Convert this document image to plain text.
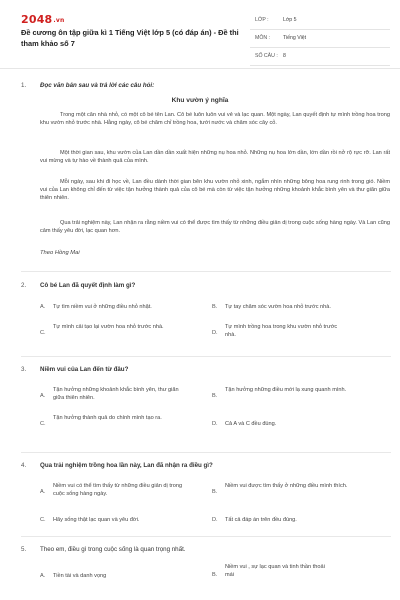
2048.vn
Đề cương ôn tập giữa kì 1 Tiếng Việt lớp 5 (có đáp án) - Đề thi tham khảo số 7
LỚP :	Lớp 5
MÔN :	Tiếng Việt
SỐ CÂU : 8
1. Đọc văn bản sau và trả lời các câu hỏi:
Khu vườn ý nghĩa
Trong một căn nhà nhỏ, có một cô bé tên Lan. Cô bé luôn luôn vui vẻ và lạc quan. Một ngày, Lan quyết định tự mình trồng hoa trong khu vườn nhỏ trước nhà. Hằng ngày, cô bé chăm chỉ trồng hoa, tưới nước và chăm sóc cây cỏ.
Một thời gian sau, khu vườn của Lan dần dần xuất hiện những nụ hoa nhỏ. Những nụ hoa lớn dần, lớn dần rồi nở rộ rực rỡ. Lan rất vui mừng và tự hào về thành quả của mình.
Mỗi ngày, sau khi đi học về, Lan đều dành thời gian bên khu vườn nhỏ xinh, ngắm nhìn những bông hoa rung rinh trong gió. Niềm vui của Lan không chỉ đến từ việc tận hưởng thành quả của cô bé mà còn từ việc tận hưởng những khoảnh khắc bình yên và thư giãn giữa thiên nhiên.
Qua trải nghiệm này, Lan nhận ra rằng niềm vui có thể được tìm thấy từ những điều giản dị trong cuộc sống hàng ngày. Và Lan cũng cảm thấy yêu đời, lạc quan hơn.
Theo Hồng Mai
2. Cô bé Lan đã quyết định làm gì?
A. Tự tìm niềm vui ở những điều nhỏ nhặt.	B. Tự tay chăm sóc vườn hoa nhỏ trước nhà.
C.
Tự mình cải tạo lại vườn hoa nhỏ trước nhà.
D.
Tự mình trồng hoa trong khu vườn nhỏ trước nhà.
3. Niềm vui của Lan đến từ đâu?
A.
Tận hưởng những khoảnh khắc bình yên, thư giãn giữa thiên nhiên.	B.
Tận hưởng những điều mới lạ xung quanh mình.
C.
Tận hưởng thành quả do chính mình tạo ra.
D. Cả A và C đều đúng.
4. Qua trải nghiệm trồng hoa lần này, Lan đã nhận ra điều gì?
A.
Niềm vui có thể tìm thấy từ những điều giản dị trong cuộc sống hàng ngày.	B.
Niềm vui được tìm thấy ở những điều mình thích.
C. Hãy sống thật lạc quan và yêu đời.	D. Tất cả đáp án trên đều đúng.
5. Theo em, điều gì trong cuộc sống là quan trọng nhất.
A. Tiền tài và danh vọng	B.
Niềm vui , sự lạc quan và tinh thần thoải mái
